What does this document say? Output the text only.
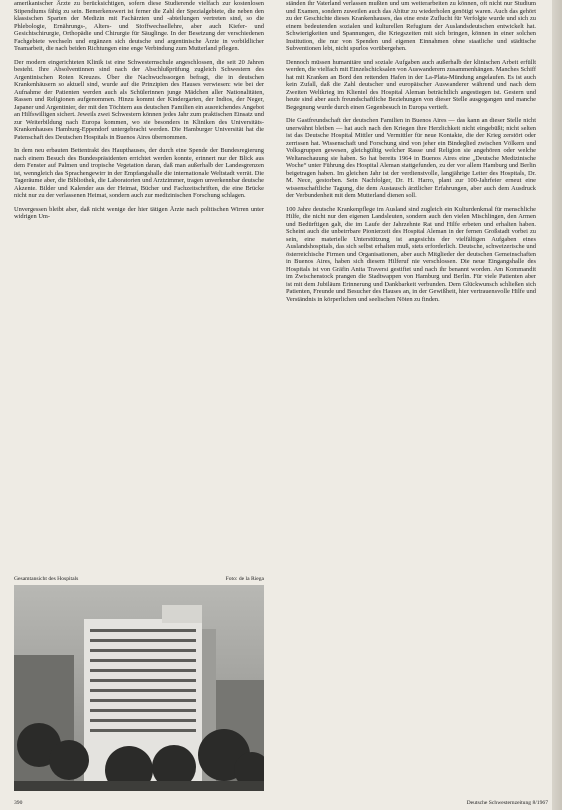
amerikanischer Ärzte zu berücksichtigen, sofern diese Studierende vielfach zur kostenlosen Stipendiums fähig zu sein. Bemerkenswert ist ferner die Zahl der Spezialgebiete, die neben den klassischen Sparten der Medizin mit Fachärzten und -abteilungen vertreten sind, so die Phlebologie, Ernährungs-, Alters- und Stoffwechsellehre, aber auch Kiefer- und Gesichtschirurgie, Orthopädie und Chirurgie für Säuglinge. In der Besetzung der verschiedenen Fachgebiete wechseln und ergänzen sich deutsche und argentinische Ärzte in vorbildlicher Teamarbeit, die nach beiden Richtungen eine enge Verbindung zum Mutterland pflegen.

Der modern eingerichteten Klinik ist eine Schwesternschule angeschlossen, die seit 20 Jahren besteht. Ihre Absolventinnen sind nach der Abschlußprüfung zugleich Schwestern des Argentinischen Roten Kreuzes. Über die Nachwuchssorgen befragt, die in deutschen Krankenhäusern so aktuell sind, wurde auf die Prinzipien des Hauses verwiesen: wie bei der Aufnahme der Patienten werden auch als Schülerinnen junge Mädchen aller Nationalitäten, Rassen und Religionen aufgenommen. Hinzu kommt der Kindergarten, der Indios, der Neger, Japaner und Argentinier, der mit den Töchtern aus deutschen Familien ein ausreichendes Angebot an Hilfswilligen sichert. Jeweils zwei Schwestern können jedes Jahr zum praktischen Einsatz und zur Weiterbildung nach Europa kommen, wo sie besonders in Kliniken des Universitäts-Krankenhauses Hamburg-Eppendorf untergebracht werden. Die Hamburger Universität hat die Patenschaft des Deutschen Hospitals in Buenos Aires übernommen.

In dem neu erbauten Bettentrakt des Haupthauses, der durch eine Spende der Bundesregierung nach einem Besuch des Bundespräsidenten errichtet werden konnte, erinnert nur der Blick aus dem Fenster auf Palmen und tropische Vegetation daran, daß man außerhalb der Landesgrenzen ist, wenngleich das Sprachengewirr in der Empfangshalle die internationale Weltstadt verrät. Die Tageräume aber, die Bibliothek, die Laboratorien und Arztzimmer, tragen unverkennbar deutsche Akzente. Bilder und Kalender aus der Heimat, Bücher und Fachzeitschriften, die eine Brücke nicht nur zu der verlassenen Heimat, sondern auch zur medizinischen Forschung schlagen.

Unvergessen bleibt aber, daß nicht wenige der hier tätigen Ärzte nach politischen Wirren unter widrigen Um-

Gesamtansicht des Hospitals	Foto: de la Riega

ständen ihr Vaterland verlassen mußten und um weiterarbeiten zu können, oft nicht nur Studium und Examen, sondern zuweilen auch das Abitur zu wiederholen genötigt waren. Auch das gehört zu der Geschichte dieses Krankenhauses, das eine erste Zuflucht für Verfolgte wurde und sich zu einem bedeutenden sozialen und kulturellen Refugium der Auslandsdeutschen entwickelt hat. Schwierigkeiten und Spannungen, die Kriegszeiten mit sich bringen, können in einer solchen Institution, die nur von Spenden und eigenen Einnahmen ohne staatliche und städtische Subventionen lebt, nicht spurlos vorübergehen.

Dennoch müssen humanitäre und soziale Aufgaben auch außerhalb der klinischen Arbeit erfüllt werden, die vielfach mit Einzelschicksalen von Auswanderern zusammenhängen. Manches Schiff hat mit Kranken an Bord den rettenden Hafen in der La-Plata-Mündung angelaufen. Es ist auch kein Zufall, daß die Zahl deutscher und europäischer Auswanderer während und nach dem Zweiten Weltkrieg im Klientel des Hospital Aleman beträchtlich angestiegen ist. Gestern und heute sind aber auch freundschaftliche Beziehungen von dieser Stelle ausgegangen und manche Begegnung wurde durch einen Gegenbesuch in Europa vertieft.

Die Gastfreundschaft der deutschen Familien in Buenos Aires — das kann an dieser Stelle nicht unerwähnt bleiben — hat auch nach den Kriegen ihre Herzlichkeit nicht eingebüßt; nicht selten ist das Deutsche Hospital Mittler und Vermittler für neue Kontakte, die der Krieg zerstört oder zerrissen hat. Wissenschaft und Forschung sind von jeher ein Bindeglied zwischen Völkern und Volksgruppen gewesen, gleichgültig welcher Rasse und Religion sie angehören oder welche Weltanschauung sie haben. So hat bereits 1964 in Buenos Aires eine „Deutsche Medizinische Woche“ unter Führung des Hospital Aleman stattgefunden, zu der vor allem Hamburg und Berlin beigetragen haben. Im gleichen Jahr ist der verdienstvolle, langjährige Leiter des Hospitals, Dr. M. Nece, gestorben. Sein Nachfolger, Dr. H. Harro, plant zur 100-Jahrfeier erneut eine wissenschaftliche Tagung, die dem Austausch ärztlicher Erfahrungen, aber auch dem Ausdruck der Verbundenheit mit dem Mutterland dienen soll.

100 Jahre deutsche Krankenpflege im Ausland sind zugleich ein Kulturdenkmal für menschliche Hilfe, die nicht nur den eigenen Landsleuten, sondern auch den vielen Mischlingen, den Armen und Bedürftigen galt, die im Laufe der Jahrzehnte Rat und Hilfe erbeten und erhalten haben. Scheint auch die unbeirrbare Pionierzeit des Hospital Aleman in der fernen Großstadt vorbei zu sein, eine materielle Unterstützung ist angesichts der vielfältigen Aufgaben eines Auslandshospitals, das sich selbst erhalten muß, stets erforderlich. Deutsche, schweizerische und österreichische Firmen und Organisationen, aber auch Mitglieder der deutschen Gemeinschaften in Buenos Aires, haben sich diesem Hilferuf nie verschlossen. Die neue Eingangshalle des Hospitals ist von Gräfin Anita Traversi gestiftet und nach ihr benannt worden. Am Kommandit im Zwischenstock prangen die Stadtwappen von Hamburg und Berlin. Für viele Patienten aber ist mit dem Jubiläum Erinnerung und Dankbarkeit verbunden. Dem Glückwunsch schließen sich Patienten, Freunde und Besucher des Hauses an, in der Gewißheit, hier vertrauensvolle Hilfe und Verständnis in körperlichen und seelischen Nöten zu finden.

390	Deutsche Schwesternzeitung 8/1967
